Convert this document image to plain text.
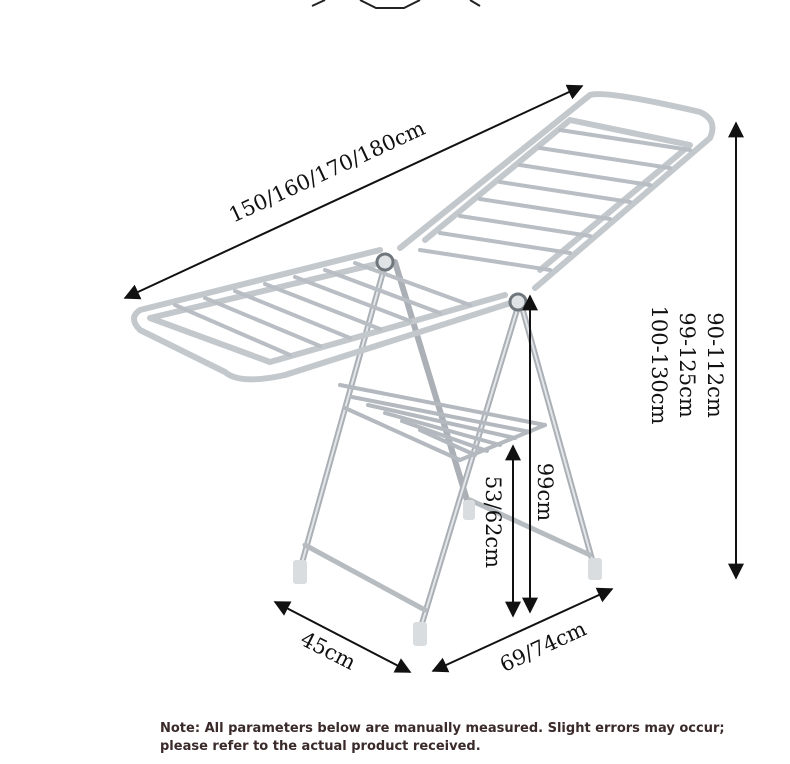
150/160/170/180cm
90-112cm
99-125cm
100-130cm
99cm
53/62cm
45cm	69/74cm
Note: All parameters below are manually measured. Slight errors may occur;
please refer to the actual product received.
